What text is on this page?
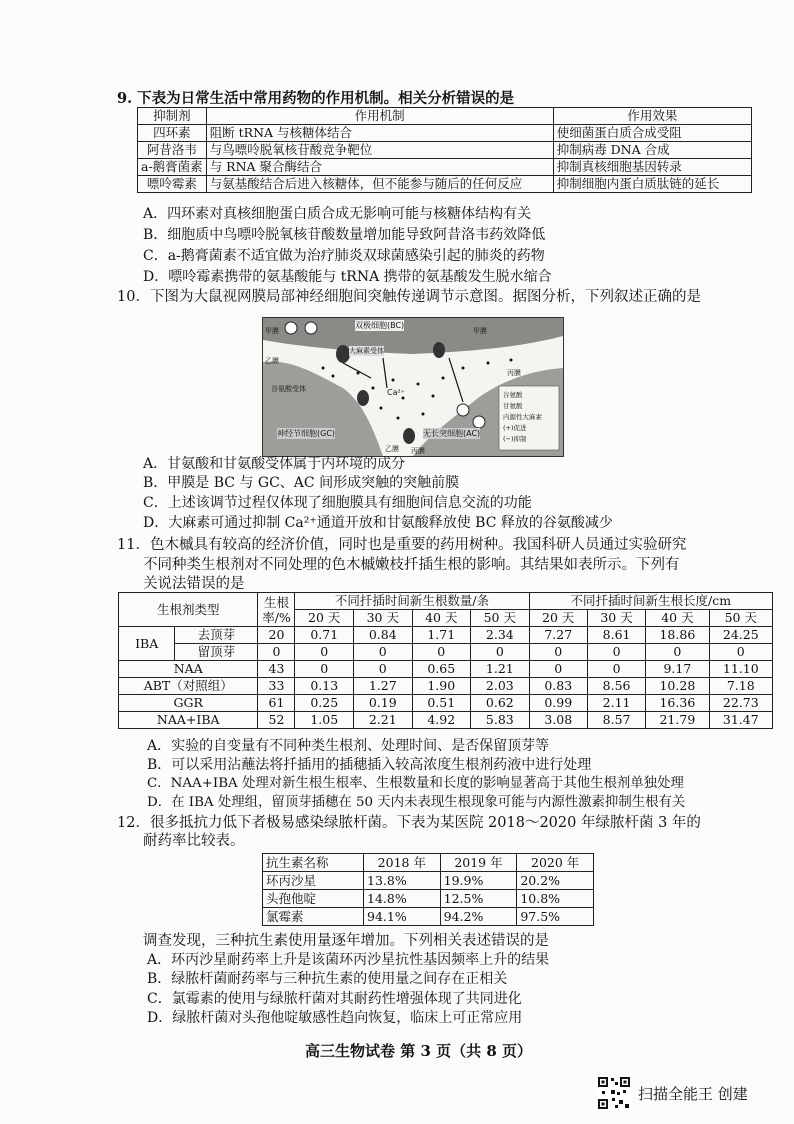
9. 下表为日常生活中常用药物的作用机制。相关分析错误的是
抑制剂	作用机制	作用效果
四环素	阻断 tRNA 与核糖体结合	使细菌蛋白质合成受阻
阿昔洛韦	与鸟嘌呤脱氧核苷酸竞争靶位	抑制病毒 DNA 合成
a-鹅膏菌素	与 RNA 聚合酶结合	抑制真核细胞基因转录
嘌呤霉素	与氨基酸结合后进入核糖体，但不能参与随后的任何反应	抑制细胞内蛋白质肽链的延长
A．四环素对真核细胞蛋白质合成无影响可能与核糖体结构有关
B．细胞质中鸟嘌呤脱氧核苷酸数量增加能导致阿昔洛韦药效降低
C．a-鹅膏菌素不适宜做为治疗肺炎双球菌感染引起的肺炎的药物
D．嘌呤霉素携带的氨基酸能与 tRNA 携带的氨基酸发生脱水缩合
10．下图为大鼠视网膜局部神经细胞间突触传递调节示意图。据图分析，下列叙述正确的是
双极细胞(BC)
甲膜	甲膜
乙膜
大麻素受体
谷氨酸受体	Ca²⁺
丙膜
神经节细胞(GC)
乙膜 丙膜
无长突细胞(AC)
谷氨酸
甘氨酸
内源性大麻素
(+)促进
(−)抑制
A．甘氨酸和甘氨酸受体属于内环境的成分
B．甲膜是 BC 与 GC、AC 间形成突触的突触前膜
C．上述该调节过程仅体现了细胞膜具有细胞间信息交流的功能
D．大麻素可通过抑制 Ca²⁺通道开放和甘氨酸释放使 BC 释放的谷氨酸减少
11．色木槭具有较高的经济价值，同时也是重要的药用树种。我国科研人员通过实验研究
不同种类生根剂对不同处理的色木槭嫩枝扦插生根的影响。其结果如表所示。下列有
关说法错误的是
生根剂类型		生根率/%	不同扦插时间新生根数量/条				不同扦插时间新生根长度/cm			
			20 天	30 天	40 天	50 天	20 天	30 天	40 天	50 天
IBA	去顶芽	20	0.71	0.84	1.71	2.34	7.27	8.61	18.86	24.25
	留顶芽	0	0	0	0	0	0	0	0	0
NAA		43	0	0	0.65	1.21	0	0	9.17	11.10
ABT（对照组）		33	0.13	1.27	1.90	2.03	0.83	8.56	10.28	7.18
GGR		61	0.25	0.19	0.51	0.62	0.99	2.11	16.36	22.73
NAA+IBA		52	1.05	2.21	4.92	5.83	3.08	8.57	21.79	31.47
A．实验的自变量有不同种类生根剂、处理时间、是否保留顶芽等
B．可以采用沾蘸法将扦插用的插穗插入较高浓度生根剂药液中进行处理
C．NAA+IBA 处理对新生根生根率、生根数量和长度的影响显著高于其他生根剂单独处理
D．在 IBA 处理组，留顶芽插穗在 50 天内未表现生根现象可能与内源性激素抑制生根有关
12．很多抵抗力低下者极易感染绿脓杆菌。下表为某医院 2018～2020 年绿脓杆菌 3 年的
耐药率比较表。
抗生素名称	2018 年	2019 年	2020 年
环丙沙星	13.8%	19.9%	20.2%
头孢他啶	14.8%	12.5%	10.8%
氯霉素	94.1%	94.2%	97.5%
调查发现，三种抗生素使用量逐年增加。下列相关表述错误的是
A．环丙沙星耐药率上升是该菌环丙沙星抗性基因频率上升的结果
B．绿脓杆菌耐药率与三种抗生素的使用量之间存在正相关
C．氯霉素的使用与绿脓杆菌对其耐药性增强体现了共同进化
D．绿脓杆菌对头孢他啶敏感性趋向恢复，临床上可正常应用
高三生物试卷 第 3 页（共 8 页）
扫描全能王 创建
